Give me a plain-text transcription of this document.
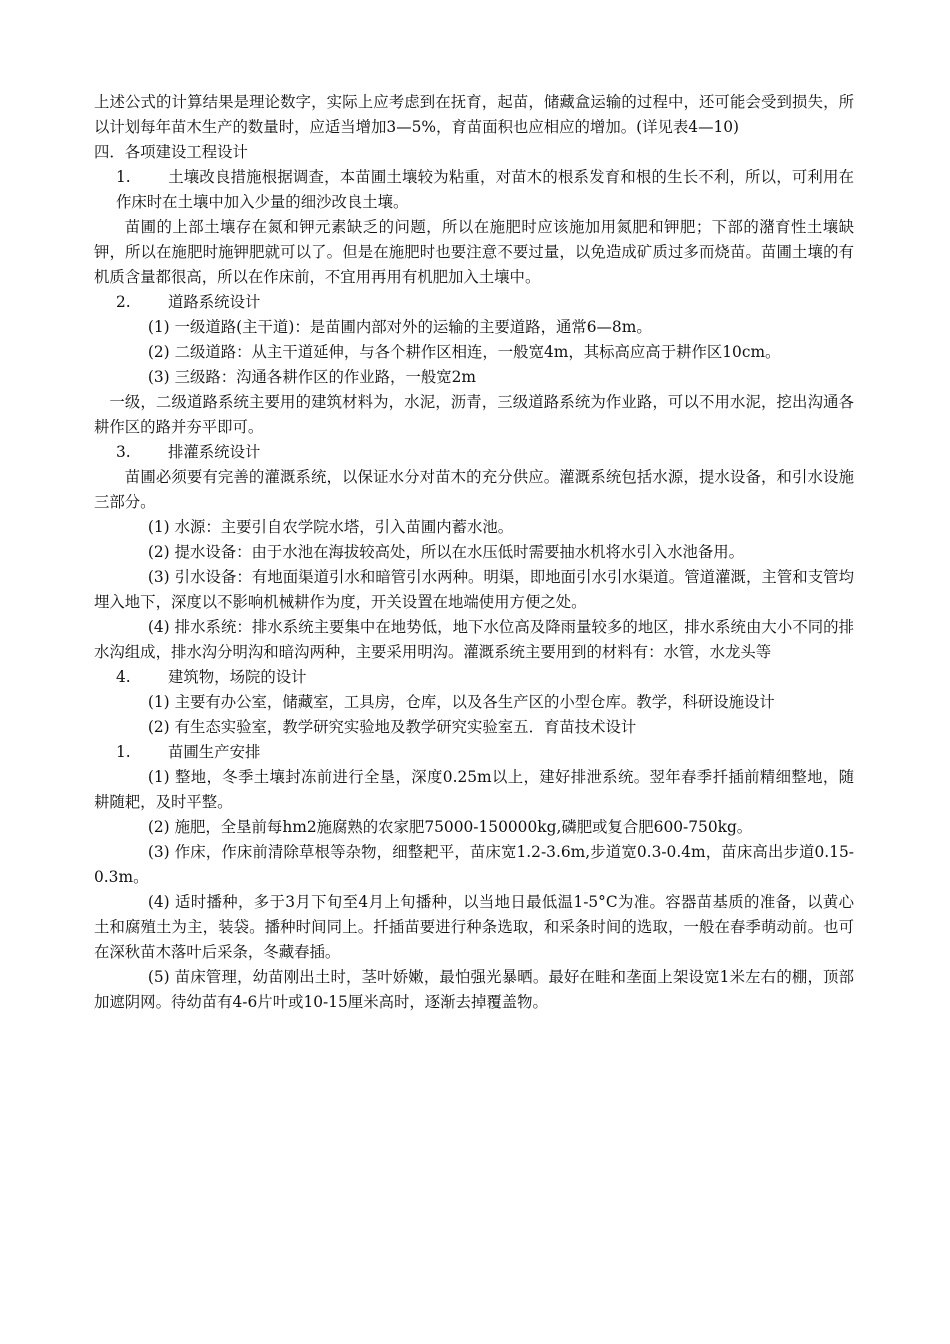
上述公式的计算结果是理论数字，实际上应考虑到在抚育，起苗，储藏盒运输的过程中，还可能会受到损失，所以计划每年苗木生产的数量时，应适当增加3—5%，育苗面积也应相应的增加。(详见表4—10)

四．各项建设工程设计

1. 土壤改良措施根据调查，本苗圃土壤较为粘重，对苗木的根系发育和根的生长不利，所以，可利用在作床时在土壤中加入少量的细沙改良土壤。

苗圃的上部土壤存在氮和钾元素缺乏的问题，所以在施肥时应该施加用氮肥和钾肥；下部的潴育性土壤缺钾，所以在施肥时施钾肥就可以了。但是在施肥时也要注意不要过量，以免造成矿质过多而烧苗。苗圃土壤的有机质含量都很高，所以在作床前，不宜用再用有机肥加入土壤中。

2. 道路系统设计

(1) 一级道路(主干道)：是苗圃内部对外的运输的主要道路，通常6—8m。

(2) 二级道路：从主干道延伸，与各个耕作区相连，一般宽4m，其标高应高于耕作区10cm。

(3) 三级路：沟通各耕作区的作业路，一般宽2m

一级，二级道路系统主要用的建筑材料为，水泥，沥青，三级道路系统为作业路，可以不用水泥，挖出沟通各耕作区的路并夯平即可。

3. 排灌系统设计

苗圃必须要有完善的灌溉系统，以保证水分对苗木的充分供应。灌溉系统包括水源，提水设备，和引水设施三部分。

(1) 水源：主要引自农学院水塔，引入苗圃内蓄水池。

(2) 提水设备：由于水池在海拔较高处，所以在水压低时需要抽水机将水引入水池备用。

(3) 引水设备：有地面渠道引水和暗管引水两种。明渠，即地面引水引水渠道。管道灌溉，主管和支管均埋入地下，深度以不影响机械耕作为度，开关设置在地端使用方便之处。

(4) 排水系统：排水系统主要集中在地势低，地下水位高及降雨量较多的地区，排水系统由大小不同的排水沟组成，排水沟分明沟和暗沟两种，主要采用明沟。灌溉系统主要用到的材料有：水管，水龙头等

4. 建筑物，场院的设计

(1) 主要有办公室，储藏室，工具房，仓库，以及各生产区的小型仓库。教学，科研设施设计

(2) 有生态实验室，教学研究实验地及教学研究实验室五．育苗技术设计

1. 苗圃生产安排

(1) 整地，冬季土壤封冻前进行全垦，深度0.25m以上，建好排泄系统。翌年春季扦插前精细整地，随耕随耙，及时平整。

(2) 施肥，全垦前每hm2施腐熟的农家肥75000-150000kg,磷肥或复合肥600-750kg。

(3) 作床，作床前清除草根等杂物，细整耙平，苗床宽1.2-3.6m,步道宽0.3-0.4m，苗床高出步道0.15-0.3m。

(4) 适时播种，多于3月下旬至4月上旬播种，以当地日最低温1-5°C为准。容器苗基质的准备，以黄心土和腐殖土为主，装袋。播种时间同上。扦插苗要进行种条选取，和采条时间的选取，一般在春季萌动前。也可在深秋苗木落叶后采条，冬藏春插。

(5) 苗床管理，幼苗刚出土时，茎叶娇嫩，最怕强光暴晒。最好在畦和垄面上架设宽1米左右的棚，顶部加遮阴网。待幼苗有4-6片叶或10-15厘米高时，逐渐去掉覆盖物。
